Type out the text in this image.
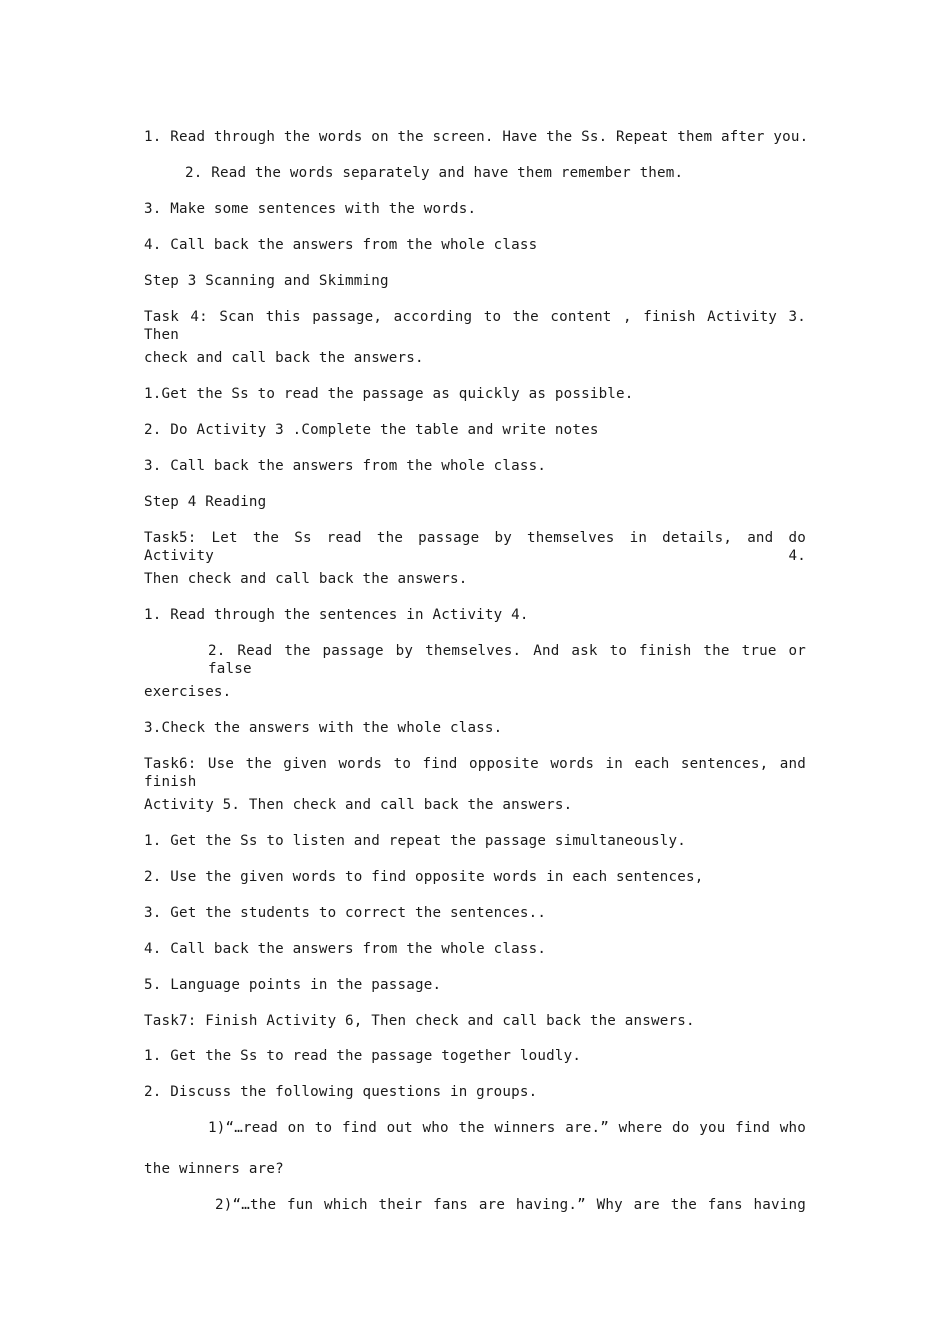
1. Read through the words on the screen. Have the Ss. Repeat them after you.
2. Read the words separately and have them remember them.
3. Make some sentences with the words.
4. Call back the answers from the whole class
Step 3 Scanning and Skimming
Task 4: Scan this passage, according to the content , finish Activity 3. Then
check and call back the answers.
1.Get the Ss to read the passage as quickly as possible.
2. Do Activity 3 .Complete the table and write notes
3. Call back the answers from the whole class.
Step 4 Reading
Task5: Let the Ss read the passage by themselves in details, and do Activity 4.
Then check and call back the answers.
1. Read through the sentences in Activity 4.
2. Read the passage by themselves. And ask to finish the true or false
exercises.
3.Check the answers with the whole class.
Task6: Use the given words to find opposite words in each sentences, and finish
Activity 5. Then check and call back the answers.
1. Get the Ss to listen and repeat the passage simultaneously.
2. Use the given words to find opposite words in each sentences,
3. Get the students to correct the sentences..
4. Call back the answers from the whole class.
5. Language points in the passage.
Task7: Finish Activity 6, Then check and call back the answers.
1. Get the Ss to read the passage together loudly.
2. Discuss the following questions in groups.
1)“…read on to find out who the winners are.” where do you find who
the winners are?
2)“…the fun which their fans are having.” Why are the fans having
